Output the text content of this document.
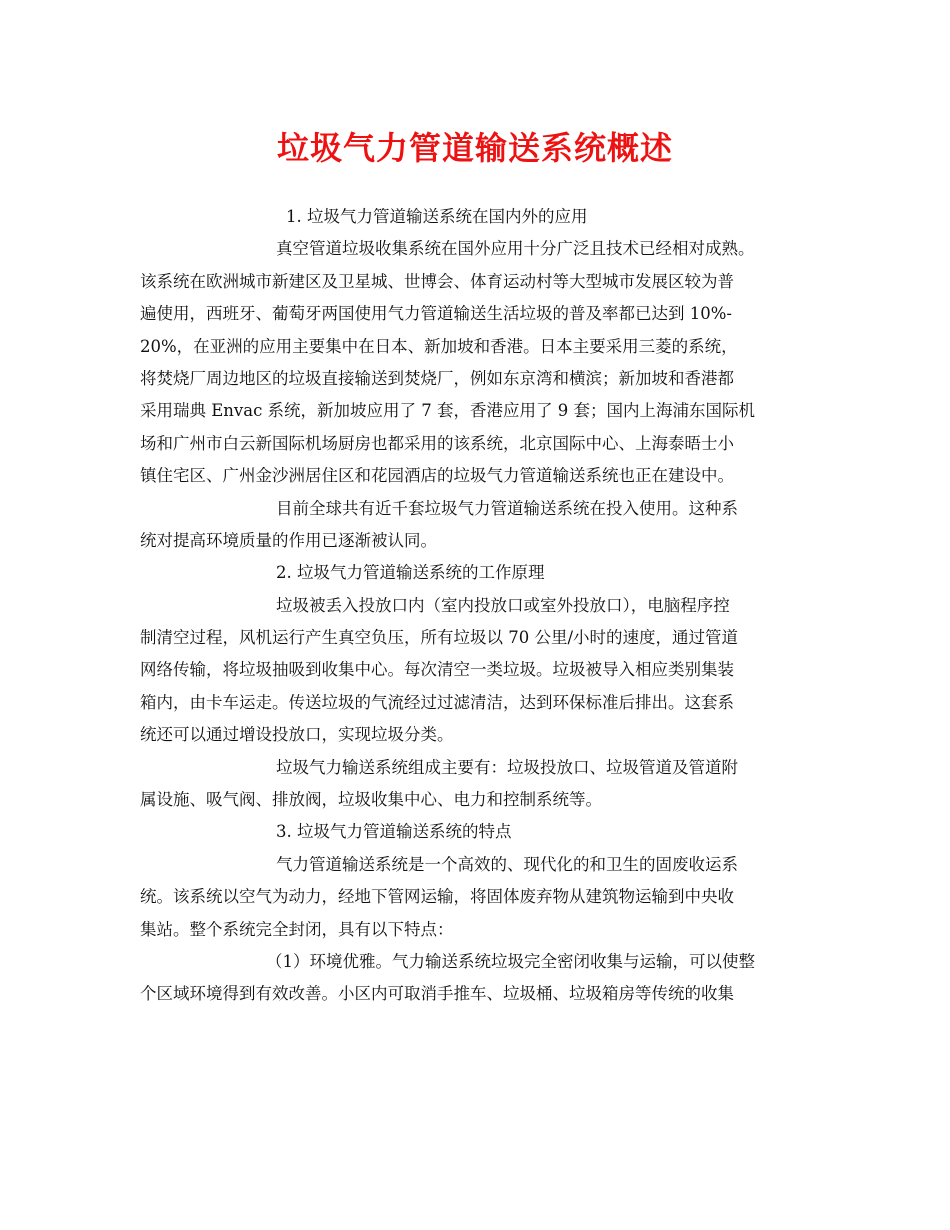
垃圾气力管道输送系统概述
1. 垃圾气力管道输送系统在国内外的应用
真空管道垃圾收集系统在国外应用十分广泛且技术已经相对成熟。
该系统在欧洲城市新建区及卫星城、世博会、体育运动村等大型城市发展区较为普
遍使用，西班牙、葡萄牙两国使用气力管道输送生活垃圾的普及率都已达到 10%-
20%，在亚洲的应用主要集中在日本、新加坡和香港。日本主要采用三菱的系统，
将焚烧厂周边地区的垃圾直接输送到焚烧厂，例如东京湾和横滨；新加坡和香港都
采用瑞典 Envac 系统，新加坡应用了 7 套，香港应用了 9 套；国内上海浦东国际机
场和广州市白云新国际机场厨房也都采用的该系统，北京国际中心、上海泰晤士小
镇住宅区、广州金沙洲居住区和花园酒店的垃圾气力管道输送系统也正在建设中。
目前全球共有近千套垃圾气力管道输送系统在投入使用。这种系
统对提高环境质量的作用已逐渐被认同。
2. 垃圾气力管道输送系统的工作原理
垃圾被丢入投放口内（室内投放口或室外投放口），电脑程序控
制清空过程，风机运行产生真空负压，所有垃圾以 70 公里/小时的速度，通过管道
网络传输，将垃圾抽吸到收集中心。每次清空一类垃圾。垃圾被导入相应类别集装
箱内，由卡车运走。传送垃圾的气流经过过滤清洁，达到环保标准后排出。这套系
统还可以通过增设投放口，实现垃圾分类。
垃圾气力输送系统组成主要有：垃圾投放口、垃圾管道及管道附
属设施、吸气阀、排放阀，垃圾收集中心、电力和控制系统等。
3. 垃圾气力管道输送系统的特点
气力管道输送系统是一个高效的、现代化的和卫生的固废收运系
统。该系统以空气为动力，经地下管网运输，将固体废弃物从建筑物运输到中央收
集站。整个系统完全封闭，具有以下特点：
（1）环境优雅。气力输送系统垃圾完全密闭收集与运输，可以使整
个区域环境得到有效改善。小区内可取消手推车、垃圾桶、垃圾箱房等传统的收集
